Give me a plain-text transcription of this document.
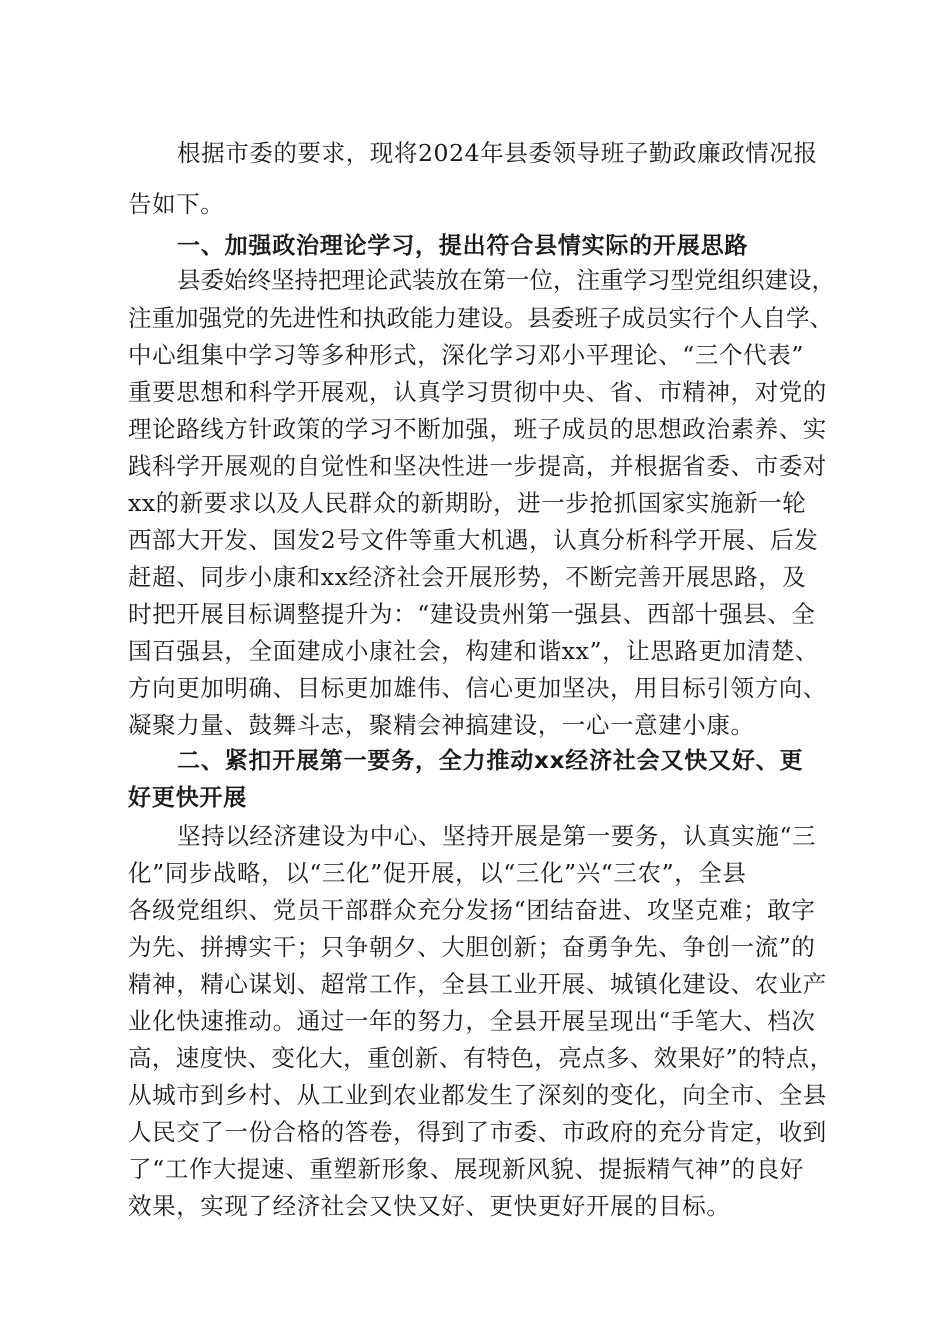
根据市委的要求，现将2024年县委领导班子勤政廉政情况报
告如下。
一、加强政治理论学习，提出符合县情实际的开展思路
县委始终坚持把理论武装放在第一位，注重学习型党组织建设，
注重加强党的先进性和执政能力建设。县委班子成员实行个人自学、
中心组集中学习等多种形式，深化学习邓小平理论、“三个代表”
重要思想和科学开展观，认真学习贯彻中央、省、市精神，对党的
理论路线方针政策的学习不断加强，班子成员的思想政治素养、实
践科学开展观的自觉性和坚决性进一步提高，并根据省委、市委对
xx的新要求以及人民群众的新期盼，进一步抢抓国家实施新一轮
西部大开发、国发2号文件等重大机遇，认真分析科学开展、后发
赶超、同步小康和xx经济社会开展形势，不断完善开展思路，及
时把开展目标调整提升为：“建设贵州第一强县、西部十强县、全
国百强县，全面建成小康社会，构建和谐xx”，让思路更加清楚、
方向更加明确、目标更加雄伟、信心更加坚决，用目标引领方向、
凝聚力量、鼓舞斗志，聚精会神搞建设，一心一意建小康。
二、紧扣开展第一要务，全力推动xx经济社会又快又好、更
好更快开展
坚持以经济建设为中心、坚持开展是第一要务，认真实施“三
化”同步战略，以“三化”促开展，以“三化”兴“三农”，全县
各级党组织、党员干部群众充分发扬“团结奋进、攻坚克难；敢字
为先、拼搏实干；只争朝夕、大胆创新；奋勇争先、争创一流”的
精神，精心谋划、超常工作，全县工业开展、城镇化建设、农业产
业化快速推动。通过一年的努力，全县开展呈现出“手笔大、档次
高，速度快、变化大，重创新、有特色，亮点多、效果好”的特点，
从城市到乡村、从工业到农业都发生了深刻的变化，向全市、全县
人民交了一份合格的答卷，得到了市委、市政府的充分肯定，收到
了“工作大提速、重塑新形象、展现新风貌、提振精气神”的良好
效果，实现了经济社会又快又好、更快更好开展的目标。
